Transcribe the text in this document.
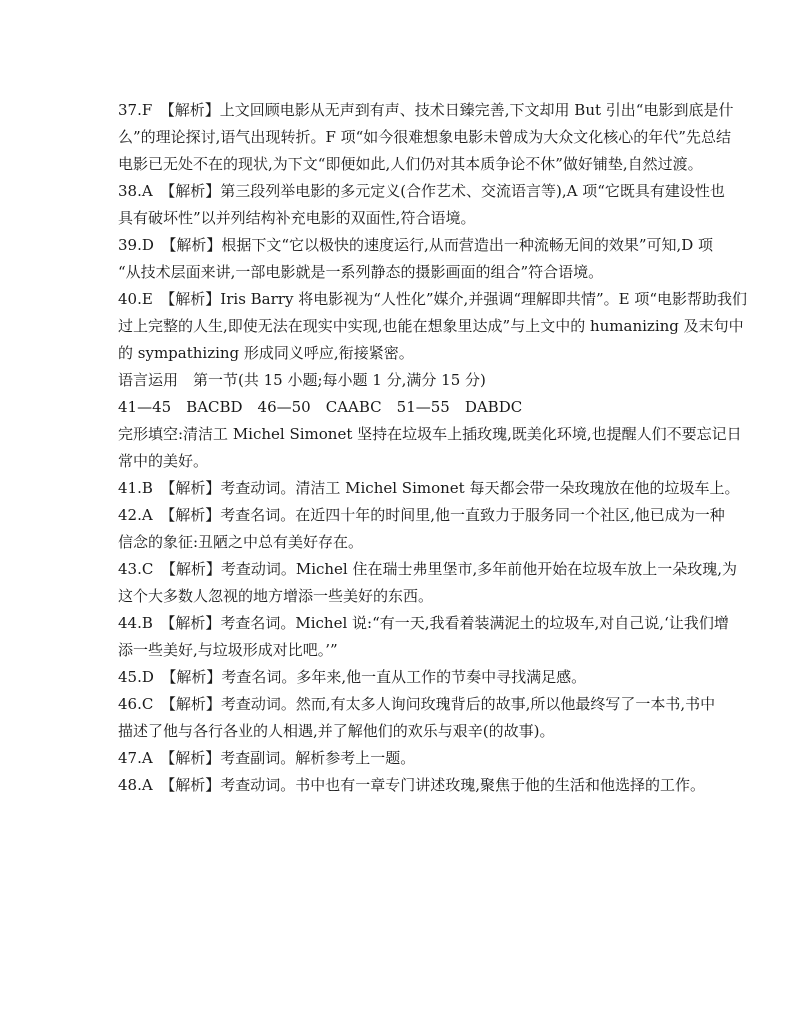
37.F　【解析】上文回顾电影从无声到有声、技术日臻完善,下文却用 But 引出“电影到底是什
么”的理论探讨,语气出现转折。F 项“如今很难想象电影未曾成为大众文化核心的年代”先总结
电影已无处不在的现状,为下文“即便如此,人们仍对其本质争论不休”做好铺垫,自然过渡。
38.A　【解析】第三段列举电影的多元定义(合作艺术、交流语言等),A 项“它既具有建设性也
具有破坏性”以并列结构补充电影的双面性,符合语境。
39.D　【解析】根据下文“它以极快的速度运行,从而营造出一种流畅无间的效果”可知,D 项
“从技术层面来讲,一部电影就是一系列静态的摄影画面的组合”符合语境。
40.E　【解析】Iris Barry 将电影视为“人性化”媒介,并强调“理解即共情”。E 项“电影帮助我们
过上完整的人生,即使无法在现实中实现,也能在想象里达成”与上文中的 humanizing 及末句中
的 sympathizing 形成同义呼应,衔接紧密。
语言运用　第一节(共 15 小题;每小题 1 分,满分 15 分)
41—45　BACBD　46—50　CAABC　51—55　DABDC
完形填空:清洁工 Michel Simonet 坚持在垃圾车上插玫瑰,既美化环境,也提醒人们不要忘记日
常中的美好。
41.B　【解析】考查动词。清洁工 Michel Simonet 每天都会带一朵玫瑰放在他的垃圾车上。
42.A　【解析】考查名词。在近四十年的时间里,他一直致力于服务同一个社区,他已成为一种
信念的象征:丑陋之中总有美好存在。
43.C　【解析】考查动词。Michel 住在瑞士弗里堡市,多年前他开始在垃圾车放上一朵玫瑰,为
这个大多数人忽视的地方增添一些美好的东西。
44.B　【解析】考查名词。Michel 说:“有一天,我看着装满泥土的垃圾车,对自己说,‘让我们增
添一些美好,与垃圾形成对比吧。’”
45.D　【解析】考查名词。多年来,他一直从工作的节奏中寻找满足感。
46.C　【解析】考查动词。然而,有太多人询问玫瑰背后的故事,所以他最终写了一本书,书中
描述了他与各行各业的人相遇,并了解他们的欢乐与艰辛(的故事)。
47.A　【解析】考查副词。解析参考上一题。
48.A　【解析】考查动词。书中也有一章专门讲述玫瑰,聚焦于他的生活和他选择的工作。
